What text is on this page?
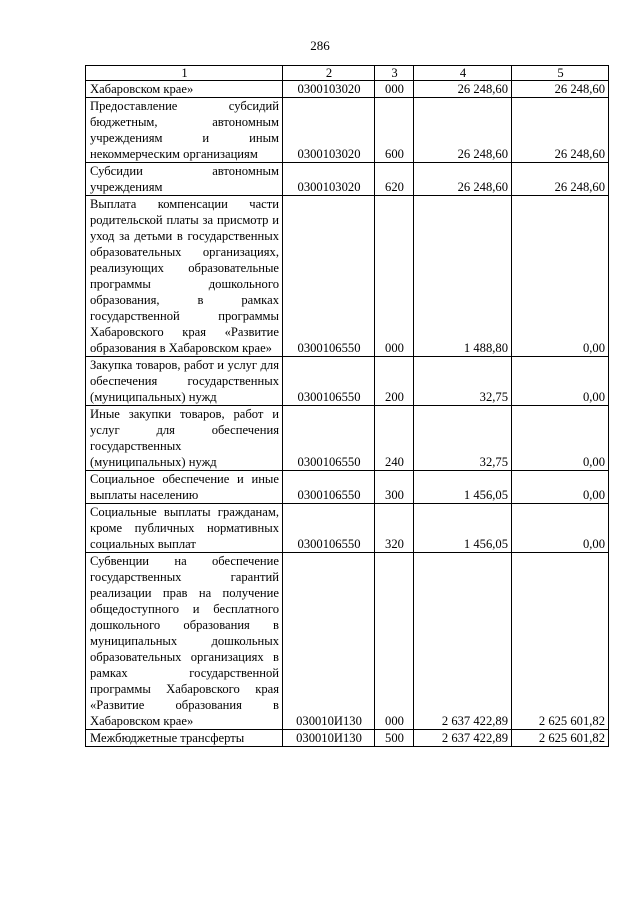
286
1	2	3	4	5
Хабаровском крае»	0300103020	000	26 248,60	26 248,60
Предоставление субсидий бюджетным, автономным учреждениям и иным некоммерческим организациям	0300103020	600	26 248,60	26 248,60
Субсидии автономным учреждениям	0300103020	620	26 248,60	26 248,60
Выплата компенсации части родительской платы за присмотр и уход за детьми в государственных образовательных организациях, реализующих образовательные программы дошкольного образования, в рамках государственной программы Хабаровского края «Развитие образования в Хабаровском крае»	0300106550	000	1 488,80	0,00
Закупка товаров, работ и услуг для обеспечения государственных (муниципальных) нужд	0300106550	200	32,75	0,00
Иные закупки товаров, работ и услуг для обеспечения государственных (муниципальных) нужд	0300106550	240	32,75	0,00
Социальное обеспечение и иные выплаты населению	0300106550	300	1 456,05	0,00
Социальные выплаты гражданам, кроме публичных нормативных социальных выплат	0300106550	320	1 456,05	0,00
Субвенции на обеспечение государственных гарантий реализации прав на получение общедоступного и бесплатного дошкольного образования в муниципальных дошкольных образовательных организациях в рамках государственной программы Хабаровского края «Развитие образования в Хабаровском крае»	030010И130	000	2 637 422,89	2 625 601,82
Межбюджетные трансферты	030010И130	500	2 637 422,89	2 625 601,82
